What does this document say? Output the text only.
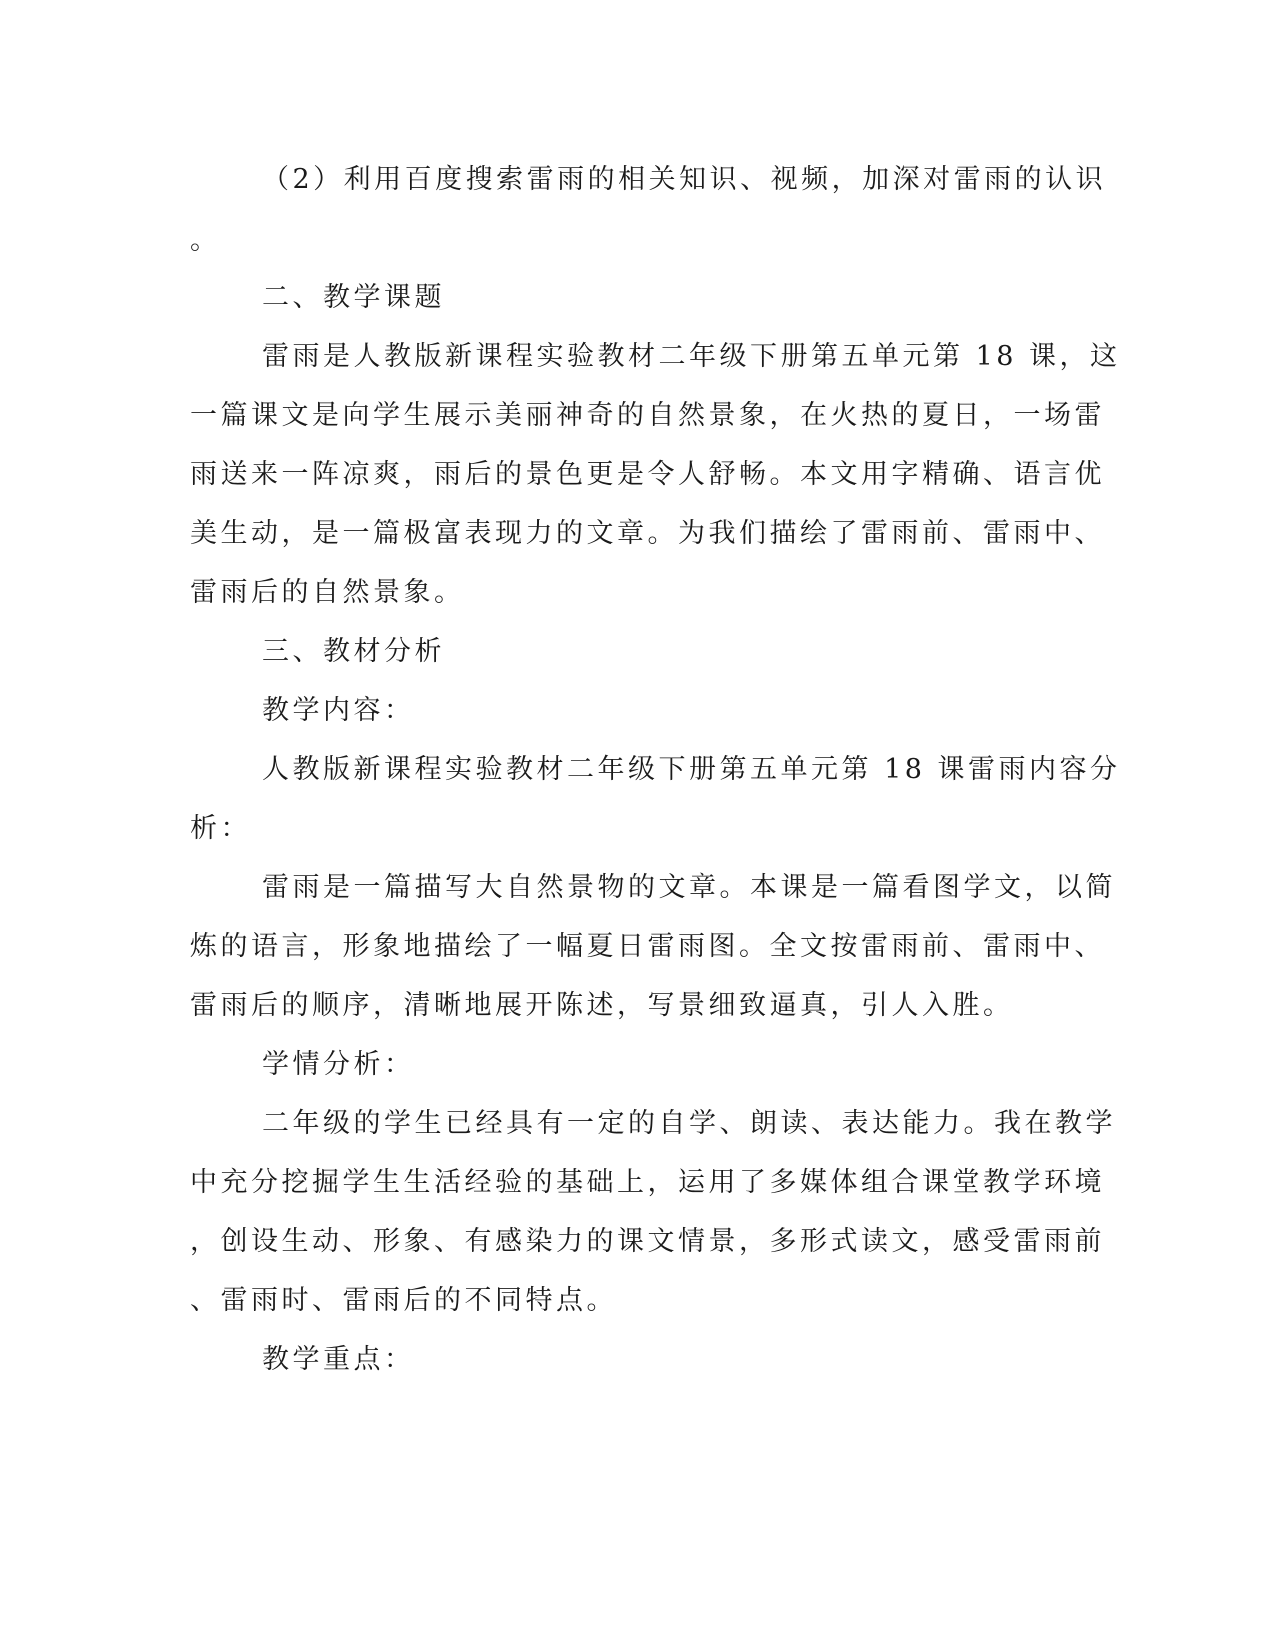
（2）利用百度搜索雷雨的相关知识、视频，加深对雷雨的认识

。

二、教学课题

雷雨是人教版新课程实验教材二年级下册第五单元第 18 课，这

一篇课文是向学生展示美丽神奇的自然景象，在火热的夏日，一场雷

雨送来一阵凉爽，雨后的景色更是令人舒畅。本文用字精确、语言优

美生动，是一篇极富表现力的文章。为我们描绘了雷雨前、雷雨中、

雷雨后的自然景象。

三、教材分析

教学内容：

人教版新课程实验教材二年级下册第五单元第 18 课雷雨内容分

析：

雷雨是一篇描写大自然景物的文章。本课是一篇看图学文，以简

炼的语言，形象地描绘了一幅夏日雷雨图。全文按雷雨前、雷雨中、

雷雨后的顺序，清晰地展开陈述，写景细致逼真，引人入胜。

学情分析：

二年级的学生已经具有一定的自学、朗读、表达能力。我在教学

中充分挖掘学生生活经验的基础上，运用了多媒体组合课堂教学环境

，创设生动、形象、有感染力的课文情景，多形式读文，感受雷雨前

、雷雨时、雷雨后的不同特点。

教学重点：
